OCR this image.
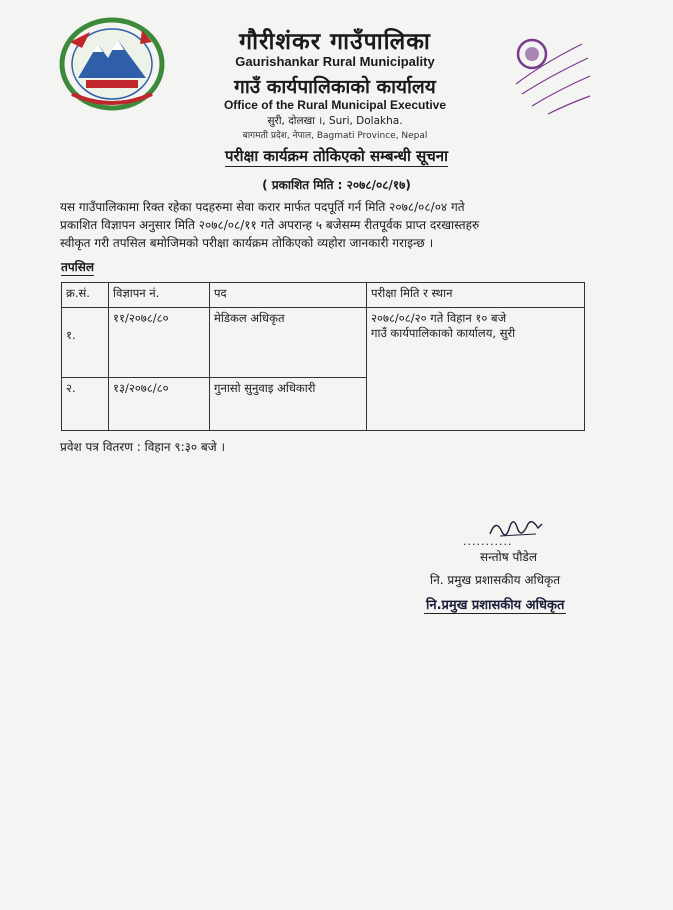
गौरीशंकर गाउँपालिका
Gaurishankar Rural Municipality
गाउँ कार्यपालिकाको कार्यालय
Office of the Rural Municipal Executive
सुरी, दोलखा ।, Suri, Dolakha.
बागमती प्रदेश, नेपाल, Bagmati Province, Nepal
परीक्षा कार्यक्रम तोकिएको सम्बन्धी सूचना
( प्रकाशित मिति : २०७८/०८/१७)
यस गाउँपालिकामा रिक्त रहेका पदहरुमा सेवा करार मार्फत पदपूर्ति गर्न मिति २०७८/०८/०४ गते
प्रकाशित विज्ञापन अनुसार मिति २०७८/०८/११ गते अपरान्ह ५ बजेसम्म रीतपूर्वक प्राप्त दरखास्तहरु
स्वीकृत गरी तपसिल बमोजिमको परीक्षा कार्यक्रम तोकिएको व्यहोरा जानकारी गराइन्छ ।
तपसिल
क्र.सं.	विज्ञापन नं.	पद	परीक्षा मिति र स्थान
१.	११/२०७८/८०	मेडिकल अधिकृत	२०७८/०८/२० गते विहान १० बजे
गाउँ कार्यपालिकाको कार्यालय, सुरी

२.	१३/२०७८/८०	गुनासो सुनुवाइ अधिकारी	
प्रवेश पत्र वितरण : विहान ९:३० बजे ।
...........
सन्तोष पौडेल
नि. प्रमुख प्रशासकीय अधिकृत
नि.प्रमुख प्रशासकीय अधिकृत
